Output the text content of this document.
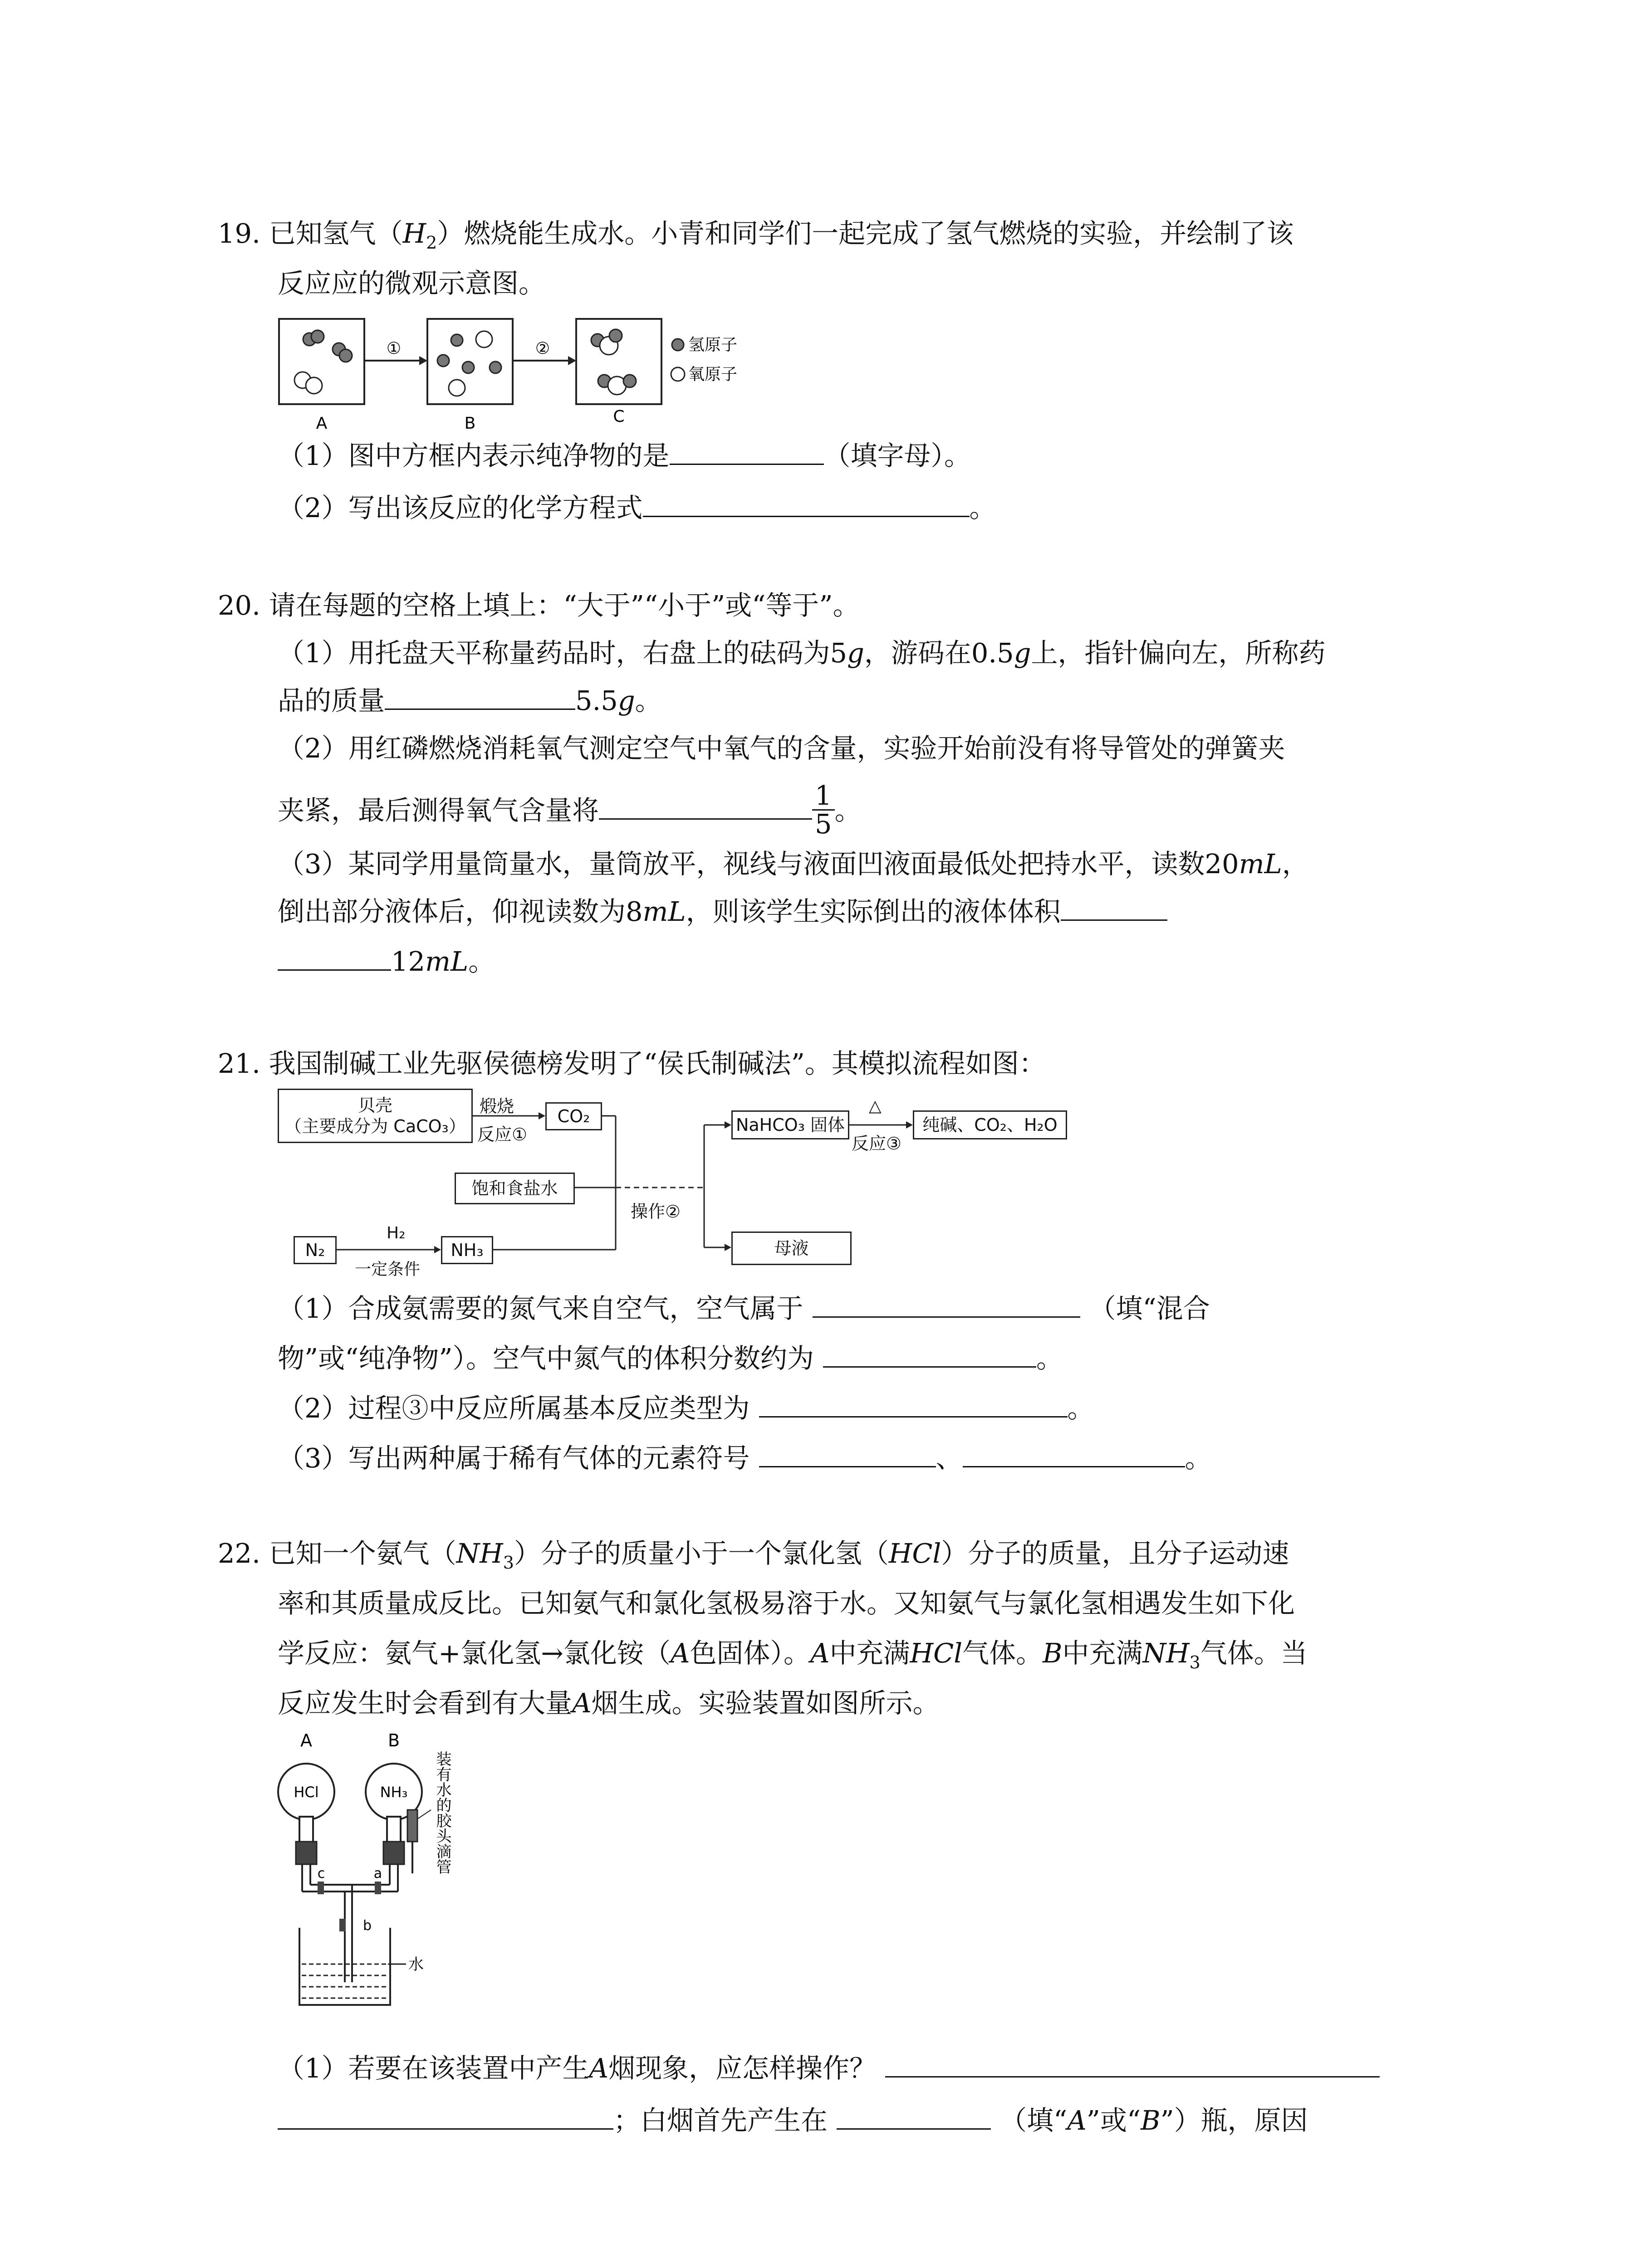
19. 已知氢气$(H_2)$燃烧能生成水。小青和同学们一起完成了氢气燃烧的实验，并绘制了该
反应应的微观示意图。
①	②	氢原子
氧原子
A	B	C
（1）图中方框内表示纯净物的是	（填字母）。
（2）写出该反应的化学方程式	。
20. 请在每题的空格上填上：“大于”“小于”或“等于”。
（1）用托盘天平称量药品时，右盘上的砝码为5g，游码在0.5g上，指针偏向左，所称药
品的质量	5.5g。
（2）用红磷燃烧消耗氧气测定空气中氧气的含量，实验开始前没有将导管处的弹簧夹
夹紧，最后测得氧气含量将	$\frac{1}{5}$ 。
（3）某同学用量筒量水，量筒放平，视线与液面凹液面最低处把持水平，读数20mL，
倒出部分液体后，仰视读数为8mL，则该学生实际倒出的液体体积
12mL。
21. 我国制碱工业先驱侯德榜发明了“侯氏制碱法”。其模拟流程如图：
贝壳
（主要成分为 CaCO₃）
煅烧
反应①
CO₂
饱和食盐水
操作②
NaHCO₃ 固体
△
反应③
纯碱、CO₂、H₂O
母液
N₂
H₂
一定条件
NH₃
（1）合成氨需要的氮气来自空气，空气属于	（填“混合
物”或“纯净物”）。空气中氮气的体积分数约为	。
（2）过程③中反应所属基本反应类型为	。
（3）写出两种属于稀有气体的元素符号	、	。
22. 已知一个氨气$(NH_3)$分子的质量小于一个氯化氢（HCl）分子的质量，且分子运动速
率和其质量成反比。已知氨气和氯化氢极易溶于水。又知氨气与氯化氢相遇发生如下化
学反应：氨气+氯化氢→氯化铵（A色固体）。A中充满HCl气体。B中充满$NH_3$气体。当
反应发生时会看到有大量A烟生成。实验装置如图所示。
A	B
HCl	NH₃
c	a
b
水
装有水的胶头滴管
（1）若要在该装置中产生A烟现象，应怎样操作？
；白烟首先产生在	（填“A”或“B”）瓶，原因
